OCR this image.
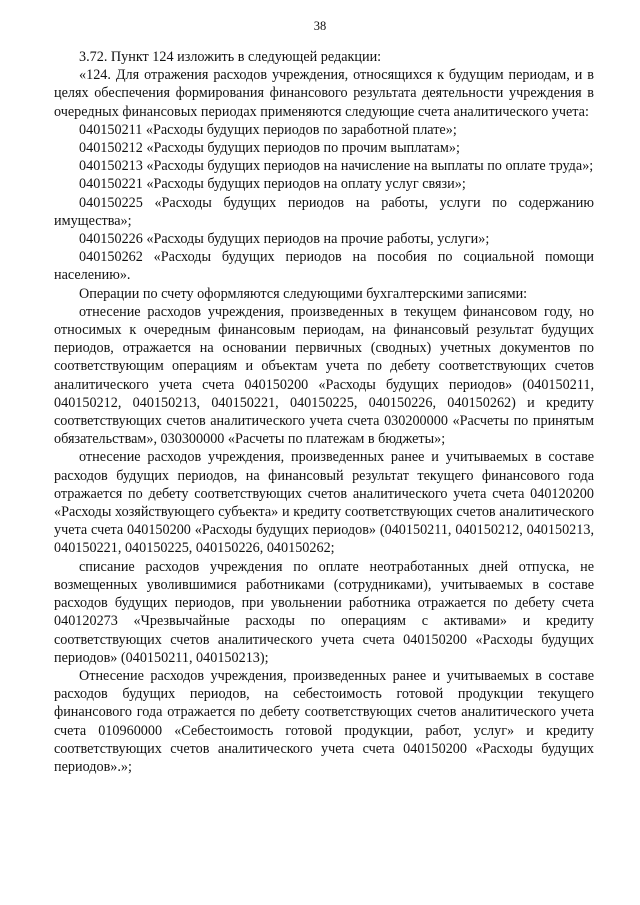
38

3.72. Пункт 124 изложить в следующей редакции:

«124. Для отражения расходов учреждения, относящихся к будущим периодам, и в целях обеспечения формирования финансового результата деятельности учреждения в очередных финансовых периодах применяются следующие счета аналитического учета:

040150211 «Расходы будущих периодов по заработной плате»;

040150212 «Расходы будущих периодов по прочим выплатам»;

040150213 «Расходы будущих периодов на начисление на выплаты по оплате труда»;

040150221 «Расходы будущих периодов на оплату услуг связи»;

040150225 «Расходы будущих периодов на работы, услуги по содержанию имущества»;

040150226 «Расходы будущих периодов на прочие работы, услуги»;

040150262 «Расходы будущих периодов на пособия по социальной помощи населению».

Операции по счету оформляются следующими бухгалтерскими записями:

отнесение расходов учреждения, произведенных в текущем финансовом году, но относимых к очередным финансовым периодам, на финансовый результат будущих периодов, отражается на основании первичных (сводных) учетных документов по соответствующим операциям и объектам учета по дебету соответствующих счетов аналитического учета счета 040150200 «Расходы будущих периодов» (040150211, 040150212, 040150213, 040150221, 040150225, 040150226, 040150262) и кредиту соответствующих счетов аналитического учета счета 030200000 «Расчеты по принятым обязательствам», 030300000 «Расчеты по платежам в бюджеты»;

отнесение расходов учреждения, произведенных ранее и учитываемых в составе расходов будущих периодов, на финансовый результат текущего финансового года отражается по дебету соответствующих счетов аналитического учета счета 040120200 «Расходы хозяйствующего субъекта» и кредиту соответствующих счетов аналитического учета счета 040150200 «Расходы будущих периодов» (040150211, 040150212, 040150213, 040150221, 040150225, 040150226, 040150262;

списание расходов учреждения по оплате неотработанных дней отпуска, не возмещенных уволившимися работниками (сотрудниками), учитываемых в составе расходов будущих периодов, при увольнении работника отражается по дебету счета 040120273 «Чрезвычайные расходы по операциям с активами» и кредиту соответствующих счетов аналитического учета счета 040150200 «Расходы будущих периодов» (040150211, 040150213);

Отнесение расходов учреждения, произведенных ранее и учитываемых в составе расходов будущих периодов, на себестоимость готовой продукции текущего финансового года отражается по дебету соответствующих счетов аналитического учета счета 010960000 «Себестоимость готовой продукции, работ, услуг» и кредиту соответствующих счетов аналитического учета счета 040150200 «Расходы будущих периодов».»;
